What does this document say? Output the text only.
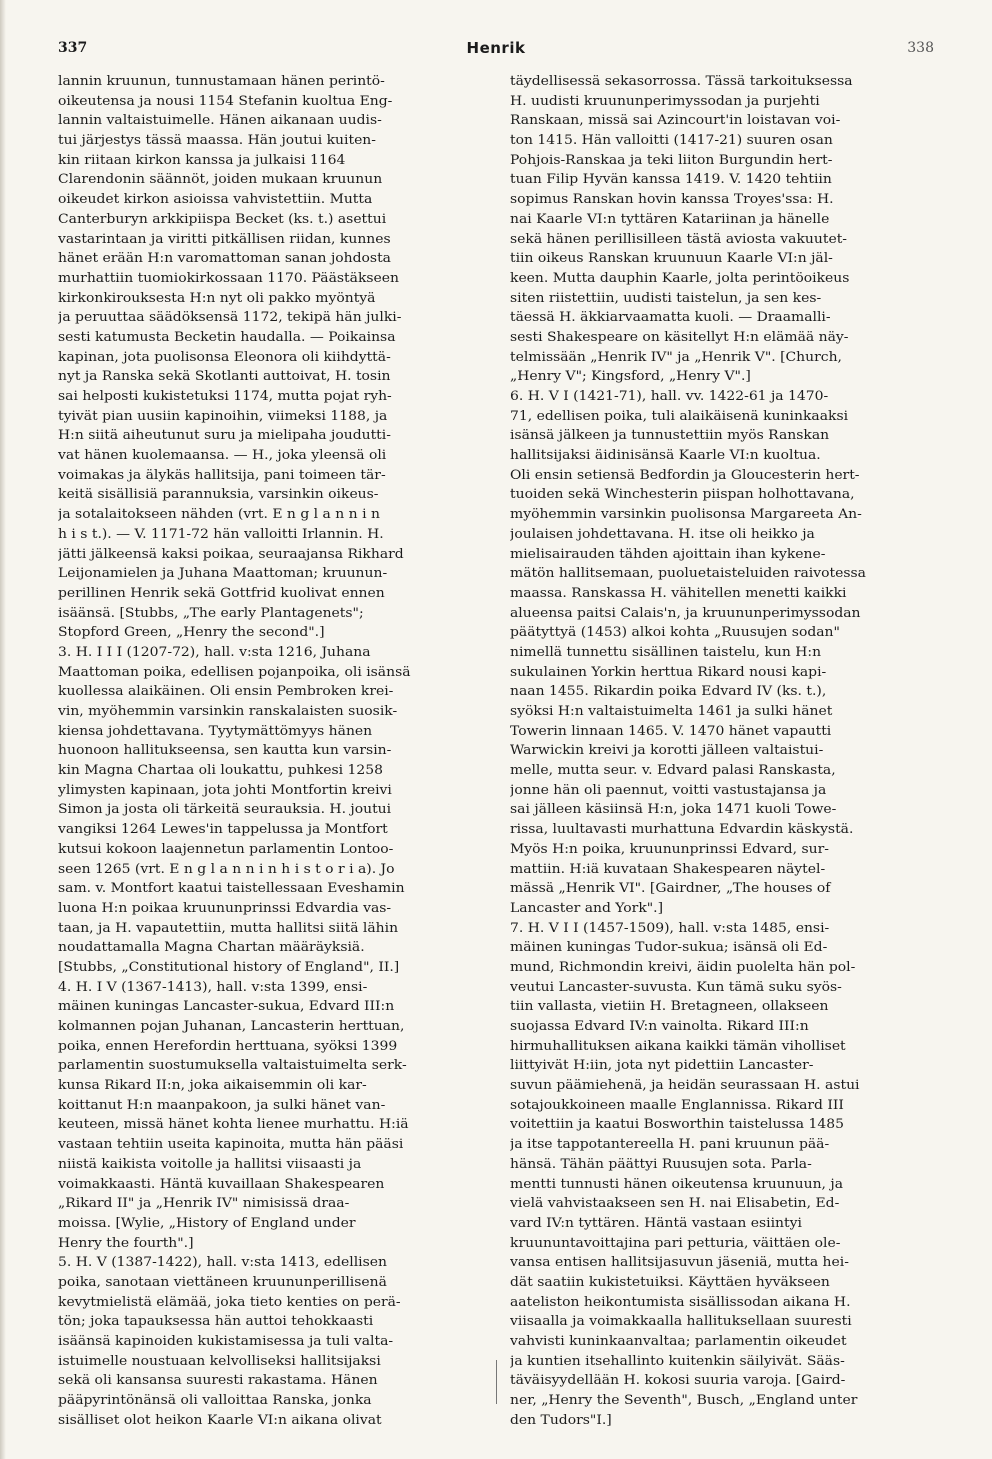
337	Henrik	338
lannin kruunun, tunnustamaan hänen perintö-
oikeutensa ja nousi 1154 Stefanin kuoltua Eng-
lannin valtaistuimelle. Hänen aikanaan uudis-
tui järjestys tässä maassa. Hän joutui kuiten-
kin riitaan kirkon kanssa ja julkaisi 1164
Clarendonin säännöt, joiden mukaan kruunun
oikeudet kirkon asioissa vahvistettiin. Mutta
Canterburyn arkkipiispa Becket (ks. t.) asettui
vastarintaan ja viritti pitkällisen riidan, kunnes
hänet erään H:n varomattoman sanan johdosta
murhattiin tuomiokirkossaan 1170. Päästäkseen
kirkonkirouksesta H:n nyt oli pakko myöntyä
ja peruuttaa säädöksensä 1172, tekipä hän julki-
sesti katumusta Becketin haudalla. — Poikainsa
kapinan, jota puolisonsa Eleonora oli kiihdyttä-
nyt ja Ranska sekä Skotlanti auttoivat, H. tosin
sai helposti kukistetuksi 1174, mutta pojat ryh-
tyivät pian uusiin kapinoihin, viimeksi 1188, ja
H:n siitä aiheutunut suru ja mielipaha joudutti-
vat hänen kuolemaansa. — H., joka yleensä oli
voimakas ja älykäs hallitsija, pani toimeen tär-
keitä sisällisiä parannuksia, varsinkin oikeus-
ja sotalaitokseen nähden (vrt. E n g l a n n i n
h i s t.). — V. 1171-72 hän valloitti Irlannin. H.
jätti jälkeensä kaksi poikaa, seuraajansa Rikhard
Leijonamielen ja Juhana Maattoman; kruunun-
perillinen Henrik sekä Gottfrid kuolivat ennen
isäänsä. [Stubbs, „The early Plantagenets";
Stopford Green, „Henry the second".]
3. H. I I I (1207-72), hall. v:sta 1216, Juhana
Maattoman poika, edellisen pojanpoika, oli isänsä
kuollessa alaikäinen. Oli ensin Pembroken krei-
vin, myöhemmin varsinkin ranskalaisten suosik-
kiensa johdettavana. Tyytymättömyys hänen
huonoon hallitukseensa, sen kautta kun varsin-
kin Magna Chartaa oli loukattu, puhkesi 1258
ylimysten kapinaan, jota johti Montfortin kreivi
Simon ja josta oli tärkeitä seurauksia. H. joutui
vangiksi 1264 Lewes'in tappelussa ja Montfort
kutsui kokoon laajennetun parlamentin Lontoo-
seen 1265 (vrt. E n g l a n n i n h i s t o r i a). Jo
sam. v. Montfort kaatui taistellessaan Eveshamin
luona H:n poikaa kruununprinssi Edvardia vas-
taan, ja H. vapautettiin, mutta hallitsi siitä lähin
noudattamalla Magna Chartan määräyksiä.
[Stubbs, „Constitutional history of England", II.]
4. H. I V (1367-1413), hall. v:sta 1399, ensi-
mäinen kuningas Lancaster-sukua, Edvard III:n
kolmannen pojan Juhanan, Lancasterin herttuan,
poika, ennen Herefordin herttuana, syöksi 1399
parlamentin suostumuksella valtaistuimelta serk-
kunsa Rikard II:n, joka aikaisemmin oli kar-
koittanut H:n maanpakoon, ja sulki hänet van-
keuteen, missä hänet kohta lienee murhattu. H:iä
vastaan tehtiin useita kapinoita, mutta hän pääsi
niistä kaikista voitolle ja hallitsi viisaasti ja
voimakkaasti. Häntä kuvaillaan Shakespearen
„Rikard II" ja „Henrik IV" nimisissä draa-
moissa. [Wylie, „History of England under
Henry the fourth".]
5. H. V (1387-1422), hall. v:sta 1413, edellisen
poika, sanotaan viettäneen kruununperillisenä
kevytmielistä elämää, joka tieto kenties on perä-
tön; joka tapauksessa hän auttoi tehokkaasti
isäänsä kapinoiden kukistamisessa ja tuli valta-
istuimelle noustuaan kelvolliseksi hallitsijaksi
sekä oli kansansa suuresti rakastama. Hänen
pääpyrintönänsä oli valloittaa Ranska, jonka
sisälliset olot heikon Kaarle VI:n aikana olivat
täydellisessä sekasorrossa. Tässä tarkoituksessa
H. uudisti kruununperimyssodan ja purjehti
Ranskaan, missä sai Azincourt'in loistavan voi-
ton 1415. Hän valloitti (1417-21) suuren osan
Pohjois-Ranskaa ja teki liiton Burgundin hert-
tuan Filip Hyvän kanssa 1419. V. 1420 tehtiin
sopimus Ranskan hovin kanssa Troyes'ssa: H.
nai Kaarle VI:n tyttären Katariinan ja hänelle
sekä hänen perillisilleen tästä aviosta vakuutet-
tiin oikeus Ranskan kruunuun Kaarle VI:n jäl-
keen. Mutta dauphin Kaarle, jolta perintöoikeus
siten riistettiin, uudisti taistelun, ja sen kes-
täessä H. äkkiarvaamatta kuoli. — Draamalli-
sesti Shakespeare on käsitellyt H:n elämää näy-
telmissään „Henrik IV" ja „Henrik V". [Church,
„Henry V"; Kingsford, „Henry V".]
6. H. V I (1421-71), hall. vv. 1422-61 ja 1470-
71, edellisen poika, tuli alaikäisenä kuninkaaksi
isänsä jälkeen ja tunnustettiin myös Ranskan
hallitsijaksi äidinisänsä Kaarle VI:n kuoltua.
Oli ensin setiensä Bedfordin ja Gloucesterin hert-
tuoiden sekä Winchesterin piispan holhottavana,
myöhemmin varsinkin puolisonsa Margareeta An-
joulaisen johdettavana. H. itse oli heikko ja
mielisairauden tähden ajoittain ihan kykene-
mätön hallitsemaan, puoluetaisteluiden raivotessa
maassa. Ranskassa H. vähitellen menetti kaikki
alueensa paitsi Calais'n, ja kruununperimyssodan
päätyttyä (1453) alkoi kohta „Ruusujen sodan"
nimellä tunnettu sisällinen taistelu, kun H:n
sukulainen Yorkin herttua Rikard nousi kapi-
naan 1455. Rikardin poika Edvard IV (ks. t.),
syöksi H:n valtaistuimelta 1461 ja sulki hänet
Towerin linnaan 1465. V. 1470 hänet vapautti
Warwickin kreivi ja korotti jälleen valtaistui-
melle, mutta seur. v. Edvard palasi Ranskasta,
jonne hän oli paennut, voitti vastustajansa ja
sai jälleen käsiinsä H:n, joka 1471 kuoli Towe-
rissa, luultavasti murhattuna Edvardin käskystä.
Myös H:n poika, kruununprinssi Edvard, sur-
mattiin. H:iä kuvataan Shakespearen näytel-
mässä „Henrik VI". [Gairdner, „The houses of
Lancaster and York".]
7. H. V I I (1457-1509), hall. v:sta 1485, ensi-
mäinen kuningas Tudor-sukua; isänsä oli Ed-
mund, Richmondin kreivi, äidin puolelta hän pol-
veutui Lancaster-suvusta. Kun tämä suku syös-
tiin vallasta, vietiin H. Bretagneen, ollakseen
suojassa Edvard IV:n vainolta. Rikard III:n
hirmuhallituksen aikana kaikki tämän viholliset
liittyivät H:iin, jota nyt pidettiin Lancaster-
suvun päämiehenä, ja heidän seurassaan H. astui
sotajoukkoineen maalle Englannissa. Rikard III
voitettiin ja kaatui Bosworthin taistelussa 1485
ja itse tappotantereella H. pani kruunun pää-
hänsä. Tähän päättyi Ruusujen sota. Parla-
mentti tunnusti hänen oikeutensa kruunuun, ja
vielä vahvistaakseen sen H. nai Elisabetin, Ed-
vard IV:n tyttären. Häntä vastaan esiintyi
kruununtavoittajina pari petturia, väittäen ole-
vansa entisen hallitsijasuvun jäseniä, mutta hei-
dät saatiin kukistetuiksi. Käyttäen hyväkseen
aateliston heikontumista sisällissodan aikana H.
viisaalla ja voimakkaalla hallituksellaan suuresti
vahvisti kuninkaanvaltaa; parlamentin oikeudet
ja kuntien itsehallinto kuitenkin säilyivät. Sääs-
täväisyydellään H. kokosi suuria varoja. [Gaird-
ner, „Henry the Seventh", Busch, „England unter
den Tudors"I.]
